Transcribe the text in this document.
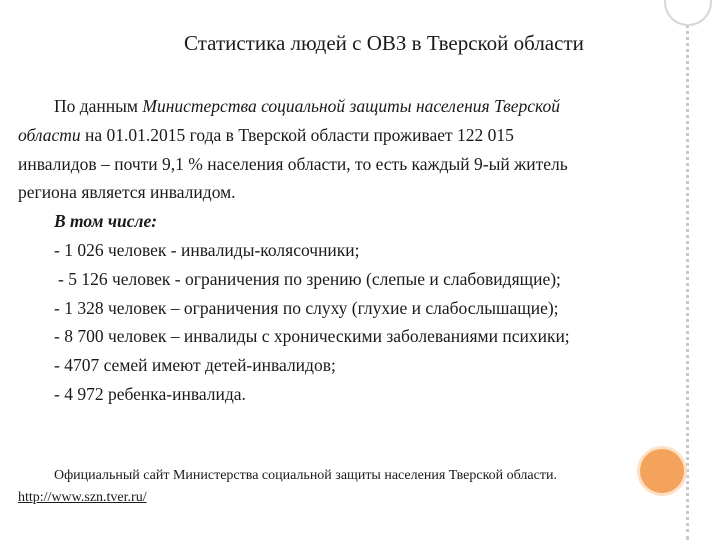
Статистика людей с ОВЗ в Тверской области
По данным Министерства социальной защиты населения Тверской
области на 01.01.2015 года в Тверской области проживает 122 015
инвалидов – почти 9,1 % населения области, то есть каждый 9-ый житель
региона является инвалидом.
В том числе:
- 1 026 человек - инвалиды-колясочники;
- 5 126 человек - ограничения по зрению (слепые и слабовидящие);
- 1 328 человек – ограничения по слуху (глухие и слабослышащие);
- 8 700 человек – инвалиды с хроническими заболеваниями психики;
- 4707 семей имеют детей-инвалидов;
- 4 972 ребенка-инвалида.
Официальный сайт Министерства социальной защиты населения Тверской области.
http://www.szn.tver.ru/
